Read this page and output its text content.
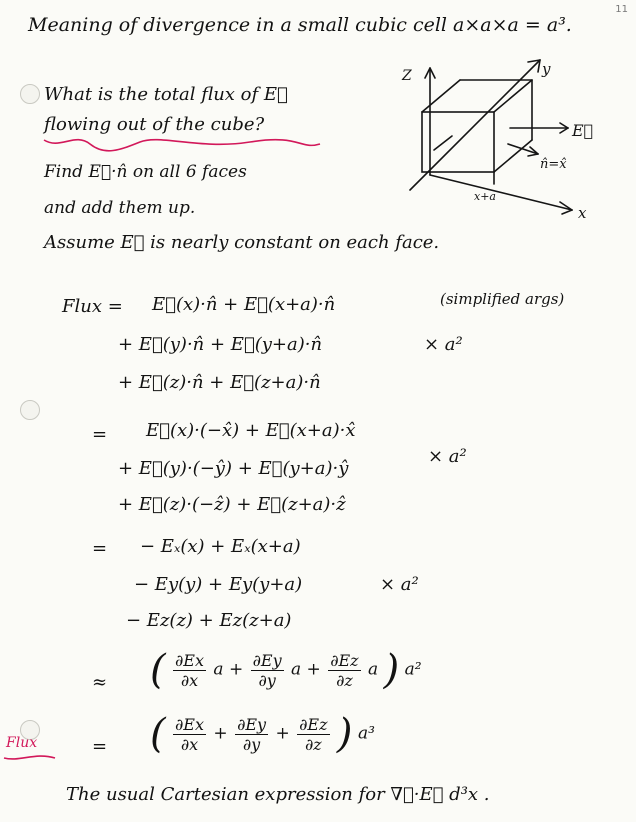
11
Meaning of divergence in a small cubic cell a×a×a = a³.
What is the total flux of E⃗
flowing out of the cube?
Find E⃗·n̂ on all 6 faces
and add them up.
Assume E⃗ is nearly constant on each face.
Z	y
x
E⃗
n̂=x̂
x+a
Flux = E⃗(x)·n̂ + E⃗(x+a)·n̂
+ E⃗(y)·n̂ + E⃗(y+a)·n̂
+ E⃗(z)·n̂ + E⃗(z+a)·n̂
(simplified args)
× a²
= E⃗(x)·(−x̂) + E⃗(x+a)·x̂
+ E⃗(y)·(−ŷ) + E⃗(y+a)·ŷ
+ E⃗(z)·(−ẑ) + E⃗(z+a)·ẑ
× a²
= − Eₓ(x) + Eₓ(x+a)
− Ey(y) + Ey(y+a)
− Ez(z) + Ez(z+a)
× a²
≈ ( $\frac{\partial Ex}{\partial x}$ $a + \frac{\partial Ey}{\partial y}$ $a + \frac{\partial Ez}{\partial z}$ a ) a²
Flux	= ( $\frac{\partial Ex}{\partial x} + \frac{\partial Ey}{\partial y} + \frac{\partial Ez}{\partial z}$ ) a³
The usual Cartesian expression for ∇⃗·E⃗ d³x .
